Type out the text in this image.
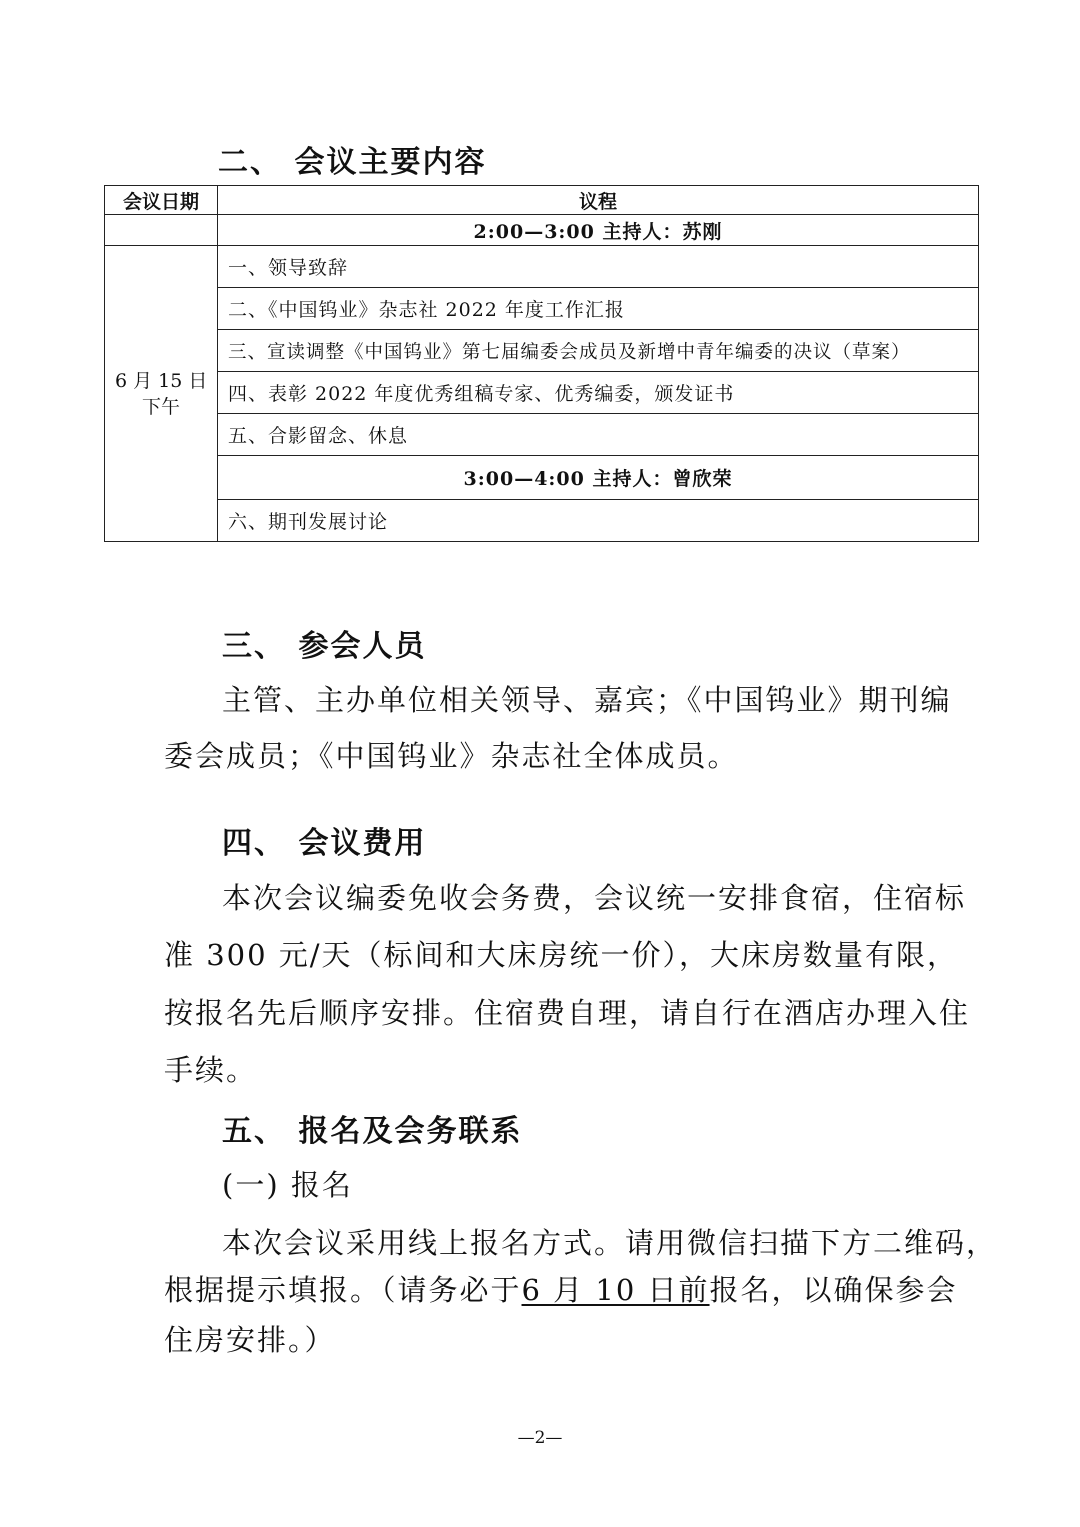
二、 会议主要内容
会议日期	议程
	2:00—3:00 主持人：苏刚

6 月 15 日
下午	一、领导致辞
	二、《中国钨业》杂志社 2022 年度工作汇报
	三、宣读调整《中国钨业》第七届编委会成员及新增中青年编委的决议（草案）
	四、表彰 2022 年度优秀组稿专家、优秀编委，颁发证书
	五、合影留念、休息
	3:00—4:00 主持人：曾欣荣
	六、期刊发展讨论
三、 参会人员
主管、主办单位相关领导、嘉宾；《中国钨业》期刊编
委会成员；《中国钨业》杂志社全体成员。
四、 会议费用
本次会议编委免收会务费，会议统一安排食宿，住宿标
准 300 元/天（标间和大床房统一价），大床房数量有限，
按报名先后顺序安排。住宿费自理，请自行在酒店办理入住
手续。
五、 报名及会务联系
(一) 报名
本次会议采用线上报名方式。请用微信扫描下方二维码，
根据提示填报。（请务必于6 月 10 日前报名，以确保参会
住房安排。）
—2—
